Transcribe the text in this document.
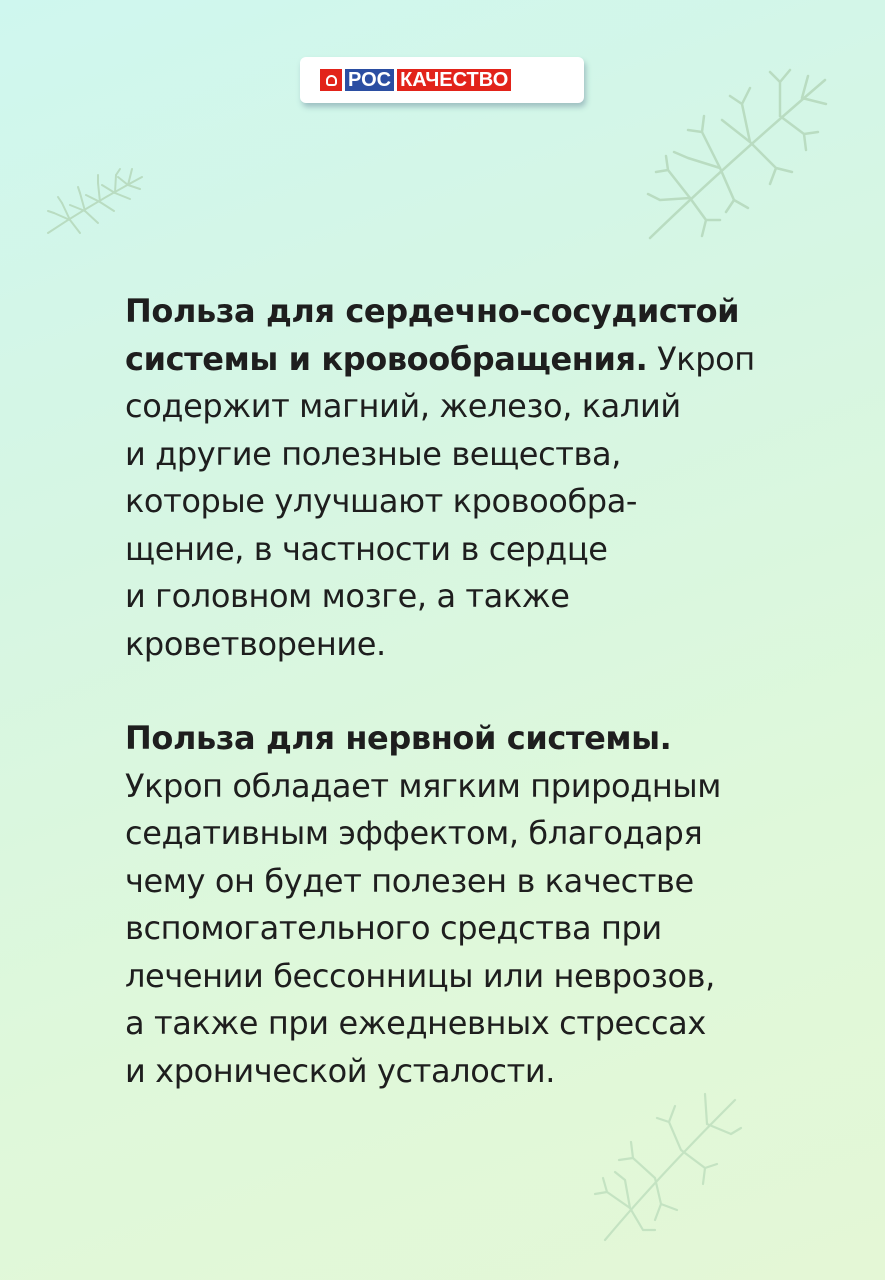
РОС КАЧЕСТВО

Польза для сердечно-сосудистой
системы и кровообращения. Укроп
содержит магний, железо, калий
и другие полезные вещества,
которые улучшают кровообра-
щение, в частности в сердце
и головном мозге, а также
кроветворение.

Польза для нервной системы.
Укроп обладает мягким природным
седативным эффектом, благодаря
чему он будет полезен в качестве
вспомогательного средства при
лечении бессонницы или неврозов,
а также при ежедневных стрессах
и хронической усталости.
